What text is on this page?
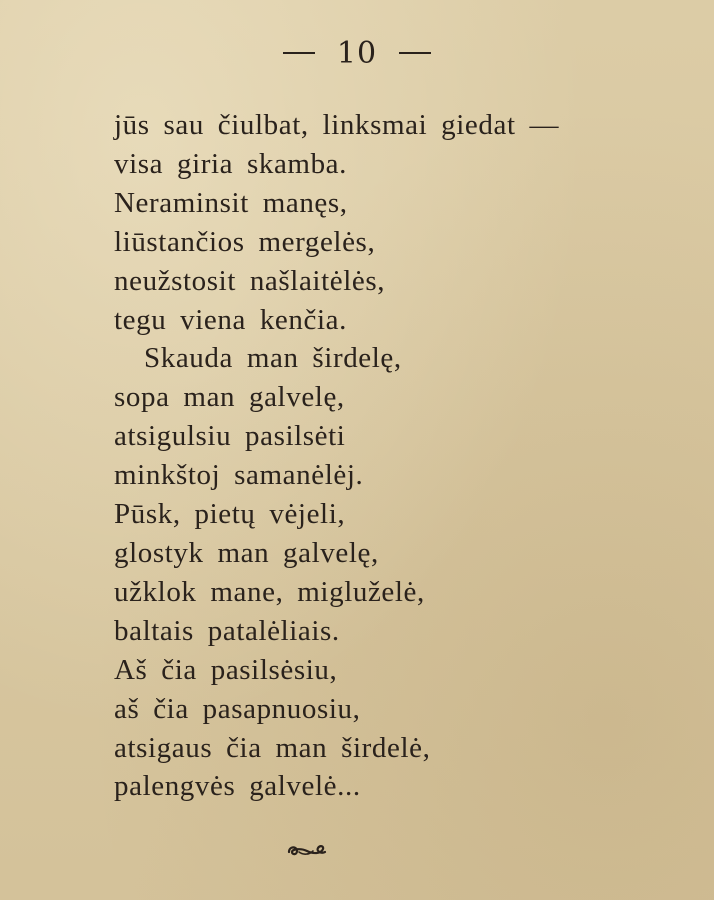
10
jūs sau čiulbat, linksmai giedat —
visa giria skamba.
Neraminsit manęs,
liūstančios mergelės,
neužstosit našlaitėlės,
tegu viena kenčia.
Skauda man širdelę,
sopa man galvelę,
atsigulsiu pasilsėti
minkštoj samanėlėj.
Pūsk, pietų vėjeli,
glostyk man galvelę,
užklok mane, migluželė,
baltais patalėliais.
Aš čia pasilsėsiu,
aš čia pasapnuosiu,
atsigaus čia man širdelė,
palengvės galvelė...
